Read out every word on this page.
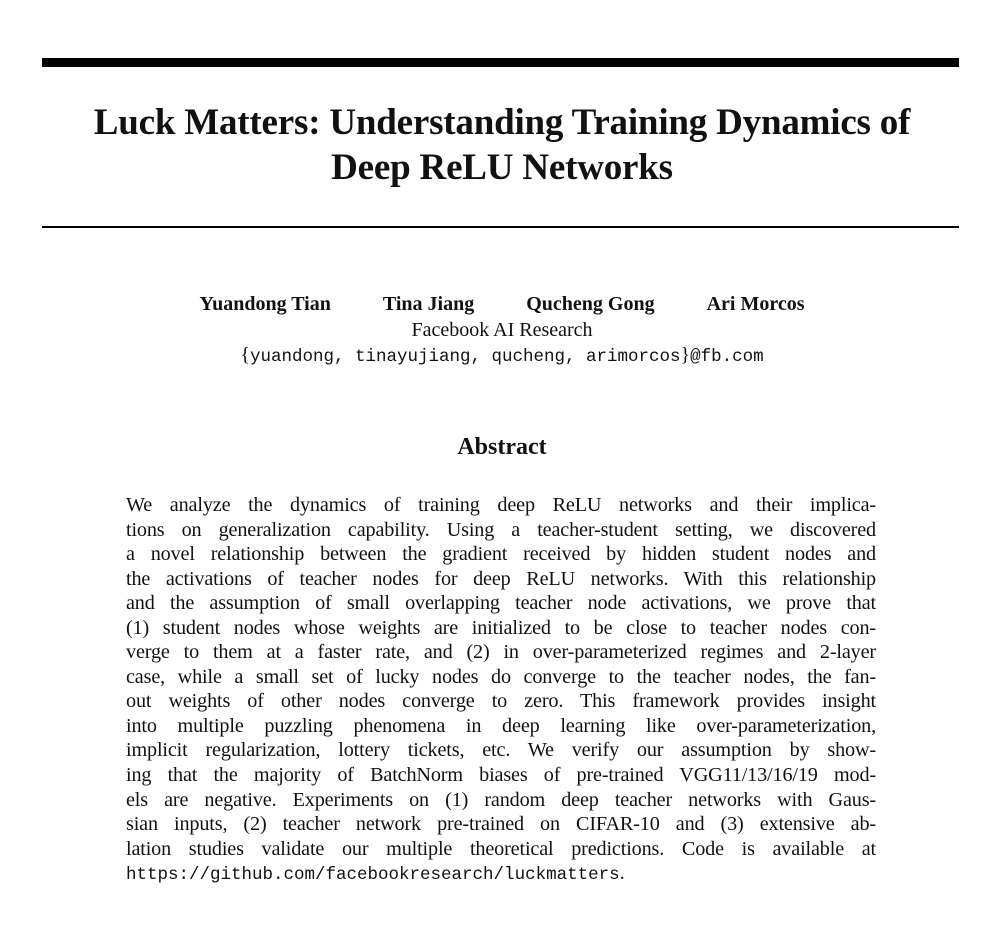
Luck Matters: Understanding Training Dynamics of
Deep ReLU Networks
Yuandong Tian	Tina Jiang	Qucheng Gong	Ari Morcos
Facebook AI Research
{yuandong, tinayujiang, qucheng, arimorcos}@fb.com
Abstract
We analyze the dynamics of training deep ReLU networks and their implica-
tions on generalization capability. Using a teacher-student setting, we discovered
a novel relationship between the gradient received by hidden student nodes and
the activations of teacher nodes for deep ReLU networks. With this relationship
and the assumption of small overlapping teacher node activations, we prove that
(1) student nodes whose weights are initialized to be close to teacher nodes con-
verge to them at a faster rate, and (2) in over-parameterized regimes and 2-layer
case, while a small set of lucky nodes do converge to the teacher nodes, the fan-
out weights of other nodes converge to zero. This framework provides insight
into multiple puzzling phenomena in deep learning like over-parameterization,
implicit regularization, lottery tickets, etc. We verify our assumption by show-
ing that the majority of BatchNorm biases of pre-trained VGG11/13/16/19 mod-
els are negative. Experiments on (1) random deep teacher networks with Gaus-
sian inputs, (2) teacher network pre-trained on CIFAR-10 and (3) extensive ab-
lation studies validate our multiple theoretical predictions. Code is available at
https://github.com/facebookresearch/luckmatters.
